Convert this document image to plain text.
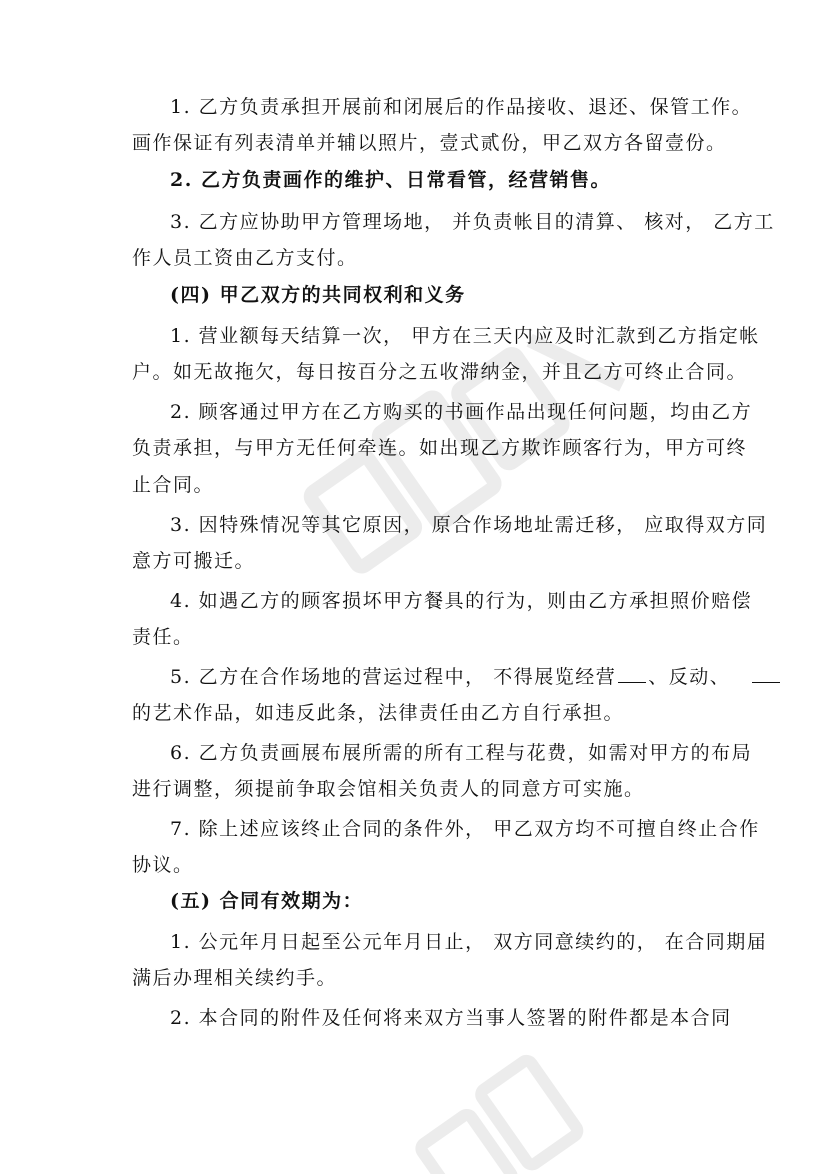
1. 乙方负责承担开展前和闭展后的作品接收、退还、保管工作。
画作保证有列表清单并辅以照片，壹式贰份，甲乙双方各留壹份。
2. 乙方负责画作的维护、日常看管，经营销售。
3. 乙方应协助甲方管理场地， 并负责帐目的清算、 核对， 乙方工
作人员工资由乙方支付。
(四) 甲乙双方的共同权利和义务
1. 营业额每天结算一次， 甲方在三天内应及时汇款到乙方指定帐
户。如无故拖欠，每日按百分之五收滞纳金，并且乙方可终止合同。
2. 顾客通过甲方在乙方购买的书画作品出现任何问题，均由乙方
负责承担，与甲方无任何牵连。如出现乙方欺诈顾客行为，甲方可终
止合同。
3. 因特殊情况等其它原因， 原合作场地址需迁移， 应取得双方同
意方可搬迁。
4. 如遇乙方的顾客损坏甲方餐具的行为，则由乙方承担照价赔偿
责任。
5. 乙方在合作场地的营运过程中， 不得展览经营 、反动、
的艺术作品，如违反此条，法律责任由乙方自行承担。
6. 乙方负责画展布展所需的所有工程与花费，如需对甲方的布局
进行调整，须提前争取会馆相关负责人的同意方可实施。
7. 除上述应该终止合同的条件外， 甲乙双方均不可擅自终止合作
协议。
(五) 合同有效期为：
1. 公元年月日起至公元年月日止， 双方同意续约的， 在合同期届
满后办理相关续约手。
2. 本合同的附件及任何将来双方当事人签署的附件都是本合同
